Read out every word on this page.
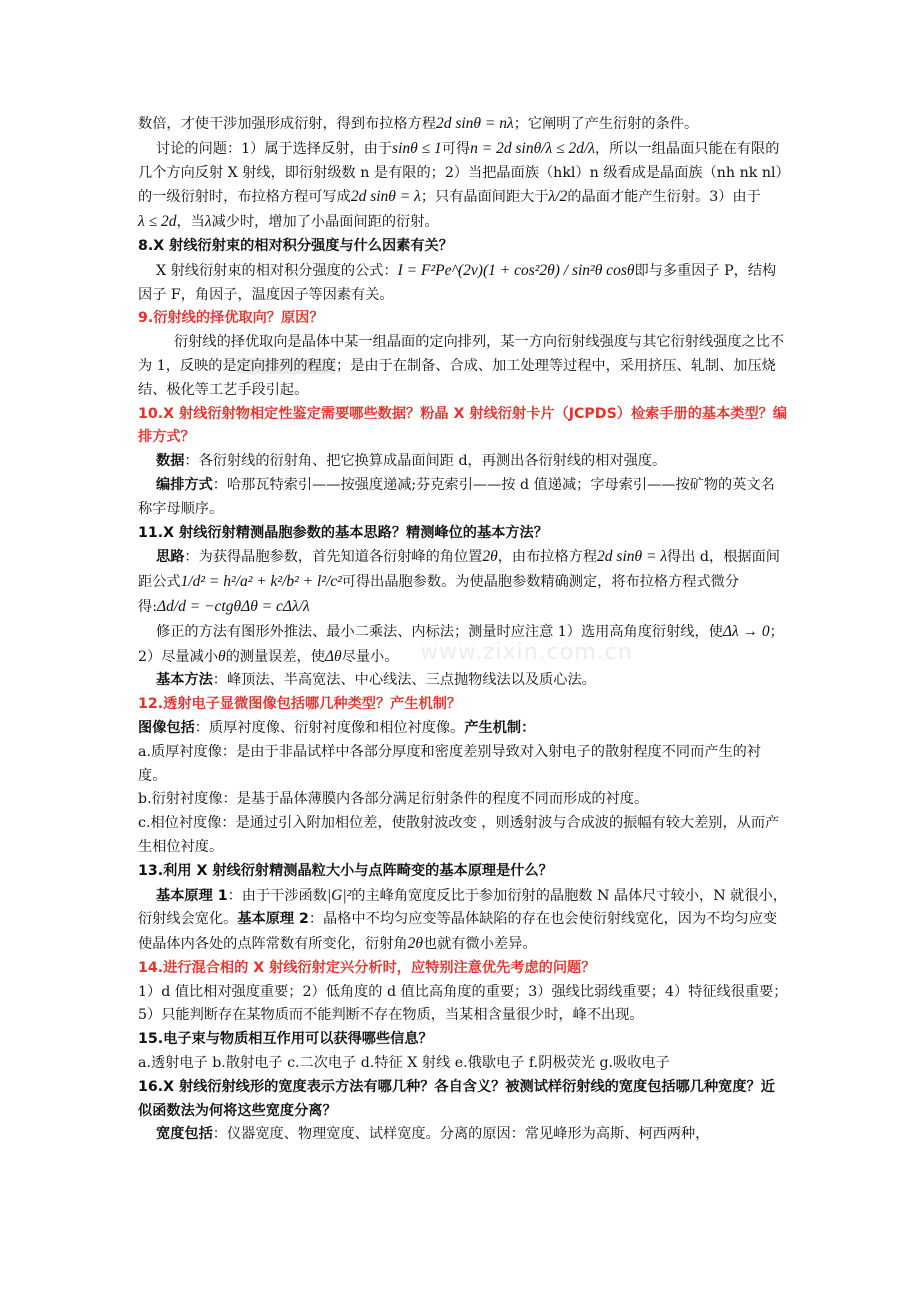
www.zixin.com.cn

数倍，才使干涉加强形成衍射，得到布拉格方程2d sinθ = nλ；它阐明了产生衍射的条件。

讨论的问题：1）属于选择反射，由于sinθ ≤ 1可得n = 2d sinθ/λ ≤ 2d/λ，所以一组晶面只能在有限的几个方向反射 X 射线，即衍射级数 n 是有限的；2）当把晶面族（hkl）n 级看成是晶面族（nh nk nl）的一级衍射时，布拉格方程可写成2d sinθ = λ；只有晶面间距大于λ/2的晶面才能产生衍射。3）由于λ ≤ 2d，当λ减少时，增加了小晶面间距的衍射。

8.X 射线衍射束的相对积分强度与什么因素有关？

X 射线衍射束的相对积分强度的公式：I = F²Pe^(2v)(1 + cos²2θ) / sin²θ cosθ即与多重因子 P，结构因子 F，角因子，温度因子等因素有关。

9.衍射线的择优取向？原因？

衍射线的择优取向是晶体中某一组晶面的定向排列，某一方向衍射线强度与其它衍射线强度之比不为 1，反映的是定向排列的程度；是由于在制备、合成、加工处理等过程中，采用挤压、轧制、加压烧结、极化等工艺手段引起。

10.X 射线衍射物相定性鉴定需要哪些数据？粉晶 X 射线衍射卡片（JCPDS）检索手册的基本类型？编排方式？

数据：各衍射线的衍射角、把它换算成晶面间距 d，再测出各衍射线的相对强度。

编排方式：哈那瓦特索引——按强度递减;芬克索引——按 d 值递减；字母索引——按矿物的英文名称字母顺序。

11.X 射线衍射精测晶胞参数的基本思路？精测峰位的基本方法？

思路：为获得晶胞参数，首先知道各衍射峰的角位置2θ，由布拉格方程2d sinθ = λ得出 d，根据面间距公式1/d² = h²/a² + k²/b² + l²/c²可得出晶胞参数。为使晶胞参数精确测定，将布拉格方程式微分得:Δd/d = −ctgθΔθ = cΔλ/λ

修正的方法有图形外推法、最小二乘法、内标法；测量时应注意 1）选用高角度衍射线，使Δλ → 0；2）尽量减小θ的测量误差，使Δθ尽量小。

基本方法：峰顶法、半高宽法、中心线法、三点抛物线法以及质心法。

12.透射电子显微图像包括哪几种类型？产生机制？

图像包括：质厚衬度像、衍射衬度像和相位衬度像。产生机制：

a.质厚衬度像：是由于非晶试样中各部分厚度和密度差别导致对入射电子的散射程度不同而产生的衬度。

b.衍射衬度像：是基于晶体薄膜内各部分满足衍射条件的程度不同而形成的衬度。

c.相位衬度像：是通过引入附加相位差，使散射波改变 ，则透射波与合成波的振幅有较大差别，从而产生相位衬度。

13.利用 X 射线衍射精测晶粒大小与点阵畸变的基本原理是什么？

基本原理 1：由于干涉函数|G|²的主峰角宽度反比于参加衍射的晶胞数 N 晶体尺寸较小，N 就很小，衍射线会宽化。基本原理 2：晶格中不均匀应变等晶体缺陷的存在也会使衍射线宽化，因为不均匀应变使晶体内各处的点阵常数有所变化，衍射角2θ也就有微小差异。

14.进行混合相的 X 射线衍射定兴分析时，应特别注意优先考虑的问题？

1）d 值比相对强度重要；2）低角度的 d 值比高角度的重要；3）强线比弱线重要；4）特征线很重要；5）只能判断存在某物质而不能判断不存在物质，当某相含量很少时，峰不出现。

15.电子束与物质相互作用可以获得哪些信息？

a.透射电子 b.散射电子 c.二次电子 d.特征 X 射线 e.俄歇电子 f.阴极荧光 g.吸收电子

16.X 射线衍射线形的宽度表示方法有哪几种？各自含义？被测试样衍射线的宽度包括哪几种宽度？近似函数法为何将这些宽度分离？

宽度包括：仪器宽度、物理宽度、试样宽度。分离的原因：常见峰形为高斯、柯西两种，
